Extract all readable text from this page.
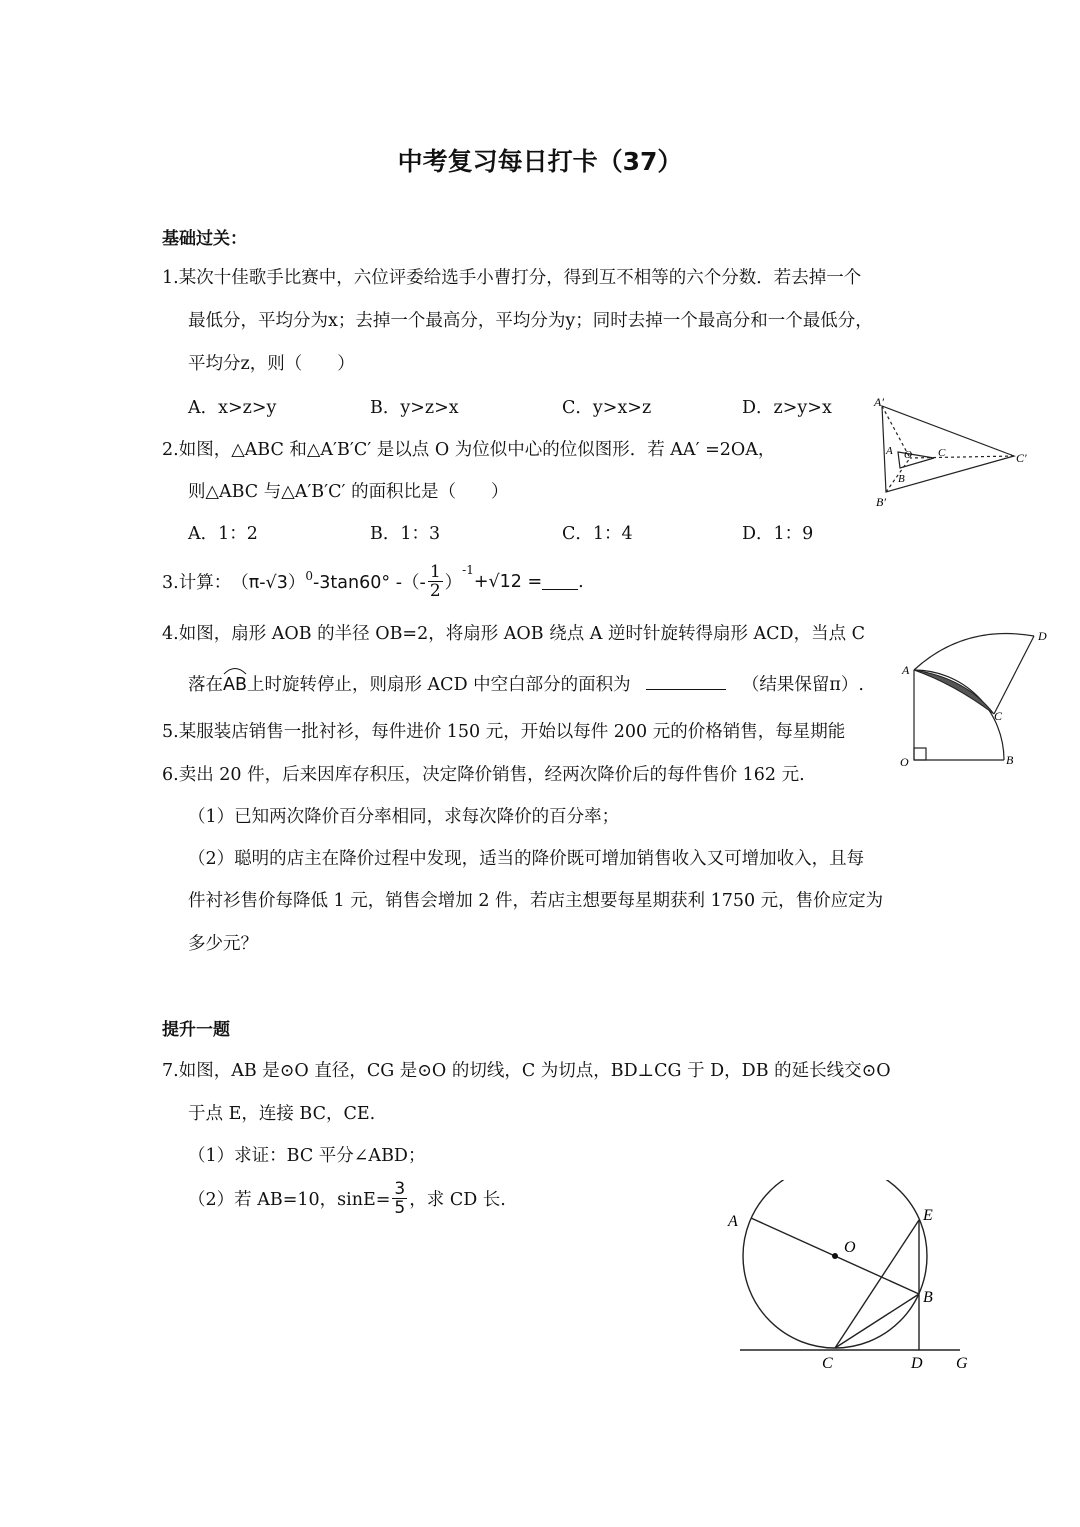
中考复习每日打卡（37）
基础过关：
1.某次十佳歌手比赛中，六位评委给选手小曹打分，得到互不相等的六个分数．若去掉一个
最低分，平均分为x；去掉一个最高分，平均分为y；同时去掉一个最高分和一个最低分，
平均分z，则（　　）
A．x>z>y	B．y>z>x	C．y>x>z	D．z>y>x
2.如图，△ABC 和△A′B′C′ 是以点 O 为位似中心的位似图形．若 AA′ =2OA，
则△ABC 与△A′B′C′ 的面积比是（　　）
A．1：2	B．1：3	C．1：4	D．1：9
A′
A O C	C′
B
B′
3.计算： $(\pi-√3)^0$ -3tan60° -（- $\frac{1}{2}$ ）
$^{-1}$
+√12 = .
4.如图，扇形 AOB 的半径 OB=2，将扇形 AOB 绕点 A 逆时针旋转得扇形 ACD，当点 C
落在
AB上时旋转停止，则扇形 ACD 中空白部分的面积为	（结果保留π）.
A
C
D
O	B
5.某服装店销售一批衬衫，每件进价 150 元，开始以每件 200 元的价格销售，每星期能
6.卖出 20 件，后来因库存积压，决定降价销售，经两次降价后的每件售价 162 元.
（1）已知两次降价百分率相同，求每次降价的百分率；
（2）聪明的店主在降价过程中发现，适当的降价既可增加销售收入又可增加收入，且每
件衬衫售价每降低 1 元，销售会增加 2 件，若店主想要每星期获利 1750 元，售价应定为
多少元？
提升一题
7.如图，AB 是⊙O 直径，CG 是⊙O 的切线，C 为切点，BD⊥CG 于 D，DB 的延长线交⊙O
于点 E，连接 BC，CE.
（1）求证：BC 平分∠ABD；
（2）若 AB=10，$\sin E= \frac{3}{5}$ ，求 CD 长.
A
O
E
B
C	D G
